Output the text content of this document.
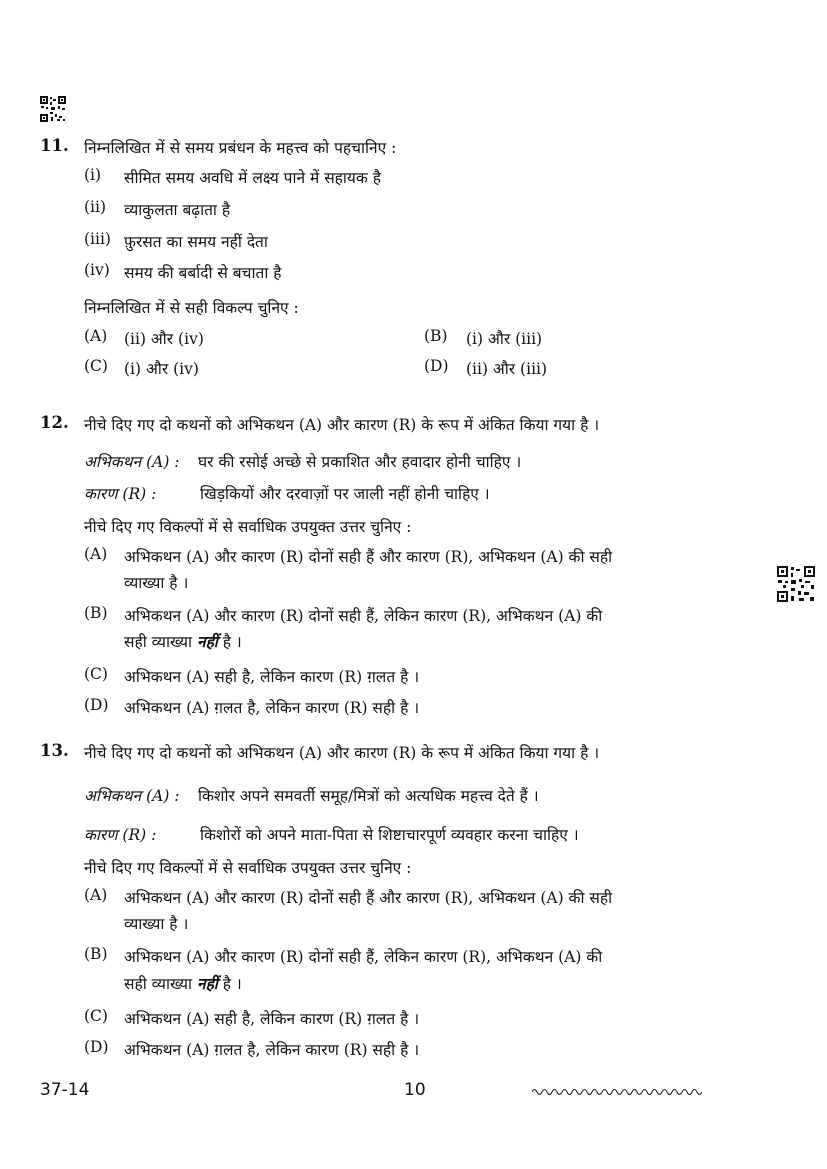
11. निम्नलिखित में से समय प्रबंधन के महत्त्व को पहचानिए :
(i) सीमित समय अवधि में लक्ष्य पाने में सहायक है
(ii) व्याकुलता बढ़ाता है
(iii) फ़ुरसत का समय नहीं देता
(iv) समय की बर्बादी से बचाता है
निम्नलिखित में से सही विकल्प चुनिए :
(A) (ii) और (iv)	(B) (i) और (iii)
(C) (i) और (iv)	(D) (ii) और (iii)
12. नीचे दिए गए दो कथनों को अभिकथन (A) और कारण (R) के रूप में अंकित किया गया है ।
अभिकथन (A) : घर की रसोई अच्छे से प्रकाशित और हवादार होनी चाहिए ।
कारण (R) :	खिड़कियों और दरवाज़ों पर जाली नहीं होनी चाहिए ।
नीचे दिए गए विकल्पों में से सर्वाधिक उपयुक्त उत्तर चुनिए :
(A) अभिकथन (A) और कारण (R) दोनों सही हैं और कारण (R), अभिकथन (A) की सही
व्याख्या है ।
(B) अभिकथन (A) और कारण (R) दोनों सही हैं, लेकिन कारण (R), अभिकथन (A) की
सही व्याख्या नहीं है ।
(C) अभिकथन (A) सही है, लेकिन कारण (R) ग़लत है ।
(D) अभिकथन (A) ग़लत है, लेकिन कारण (R) सही है ।
13. नीचे दिए गए दो कथनों को अभिकथन (A) और कारण (R) के रूप में अंकित किया गया है ।
अभिकथन (A) : किशोर अपने समवर्ती समूह/मित्रों को अत्यधिक महत्त्व देते हैं ।
कारण (R) :	किशोरों को अपने माता-पिता से शिष्टाचारपूर्ण व्यवहार करना चाहिए ।
नीचे दिए गए विकल्पों में से सर्वाधिक उपयुक्त उत्तर चुनिए :
(A) अभिकथन (A) और कारण (R) दोनों सही हैं और कारण (R), अभिकथन (A) की सही
व्याख्या है ।
(B) अभिकथन (A) और कारण (R) दोनों सही हैं, लेकिन कारण (R), अभिकथन (A) की
सही व्याख्या नहीं है ।
(C) अभिकथन (A) सही है, लेकिन कारण (R) ग़लत है ।
(D) अभिकथन (A) ग़लत है, लेकिन कारण (R) सही है ।
37-14	10
